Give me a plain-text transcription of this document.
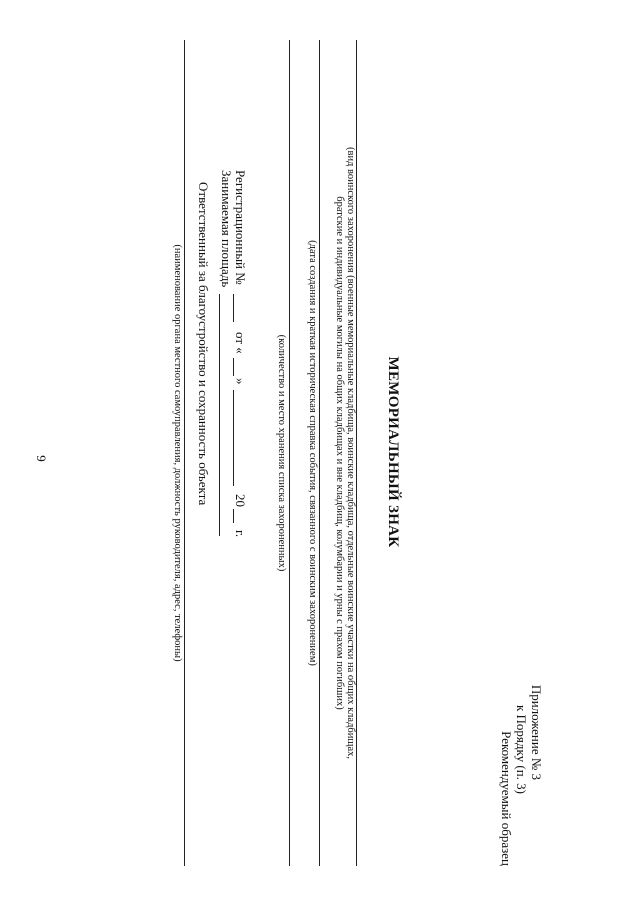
9
Приложение № 3
к Порядку (п. 3)
Рекомендуемый образец
МЕМОРИАЛЬНЫЙ ЗНАК
(вид воинского захоронения (военные мемориальные кладбища, воинские кладбища, отдельные воинские участки на общих кладбищах,
братские и индивидуальные могилы на общих кладбищах и вне кладбищ, колумбарии и урны с прахом погибших)
(дата создания и краткая историческая справка события, связанного с воинским захоронением)
(количество и место хранения списка захороненных)
Регистрационный №
от «
»
20
г.
Занимаемая площадь
Ответственный за благоустройство и сохранность объекта
(наименование органа местного самоуправления, должность руководителя, адрес, телефоны)
